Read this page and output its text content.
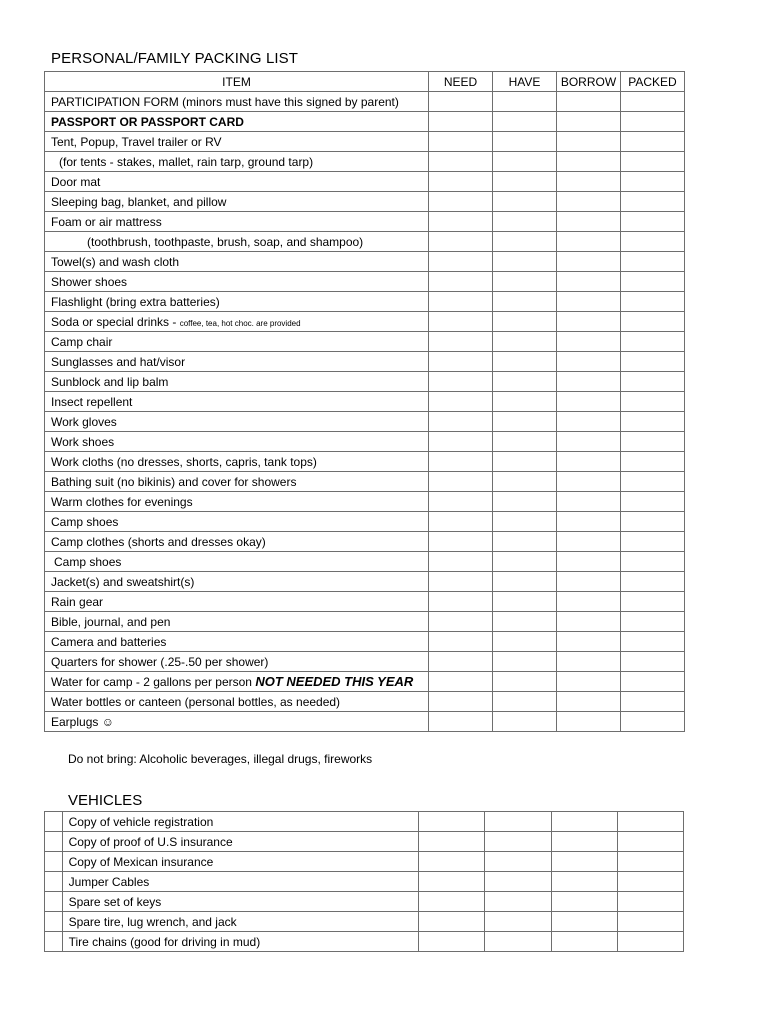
PERSONAL/FAMILY PACKING LIST
ITEM	NEED	HAVE	BORROW	PACKED
PARTICIPATION FORM (minors must have this signed by parent)				
PASSPORT OR PASSPORT CARD				
Tent, Popup, Travel trailer or RV				
(for tents - stakes, mallet, rain tarp, ground tarp)				
Door mat				
Sleeping bag, blanket, and pillow				
Foam or air mattress				
(toothbrush, toothpaste, brush, soap, and shampoo)				
Towel(s) and wash cloth				
Shower shoes				
Flashlight (bring extra batteries)				
Soda or special drinks - coffee, tea, hot choc. are provided				
Camp chair				
Sunglasses and hat/visor				
Sunblock and lip balm				
Insect repellent				
Work gloves				
Work shoes				
Work cloths (no dresses, shorts, capris, tank tops)				
Bathing suit (no bikinis) and cover for showers				
Warm clothes for evenings				
Camp shoes				
Camp clothes (shorts and dresses okay)				
Camp shoes				
Jacket(s) and sweatshirt(s)				
Rain gear				
Bible, journal, and pen				
Camera and batteries				
Quarters for shower (.25-.50 per shower)				
Water for camp - 2 gallons per person NOT NEEDED THIS YEAR				
Water bottles or canteen (personal bottles, as needed)				
Earplugs ☺				
Do not bring: Alcoholic beverages, illegal drugs, fireworks
VEHICLES
	Copy of vehicle registration				
	Copy of proof of U.S insurance				
	Copy of Mexican insurance				
	Jumper Cables				
	Spare set of keys				
	Spare tire, lug wrench, and jack				
	Tire chains (good for driving in mud)				
